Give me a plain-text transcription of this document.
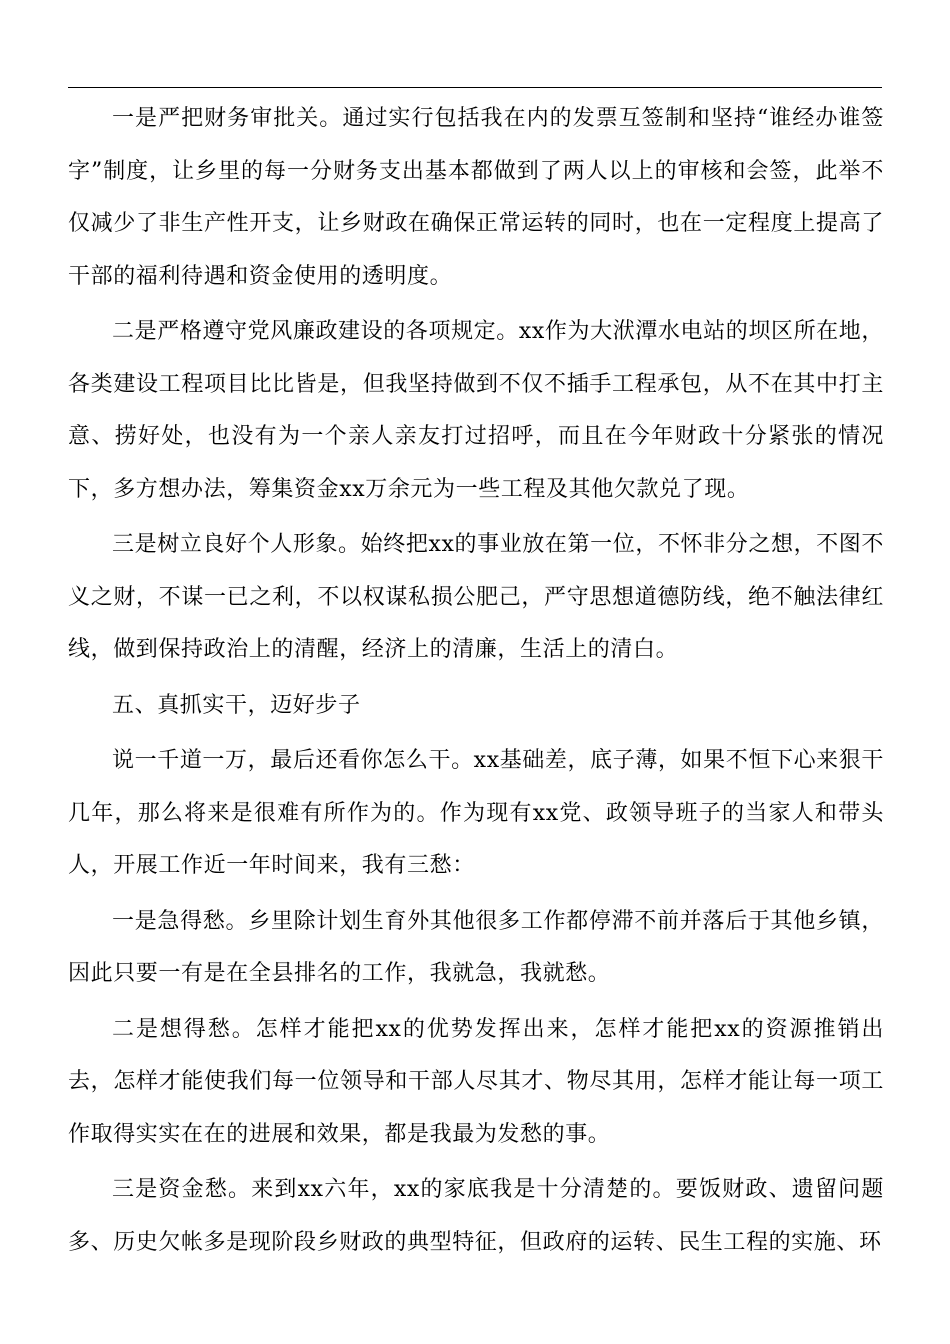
一是严把财务审批关。通过实行包括我在内的发票互签制和坚持“谁经办谁签字”制度，让乡里的每一分财务支出基本都做到了两人以上的审核和会签，此举不仅减少了非生产性开支，让乡财政在确保正常运转的同时，也在一定程度上提高了干部的福利待遇和资金使用的透明度。

二是严格遵守党风廉政建设的各项规定。xx作为大洑潭水电站的坝区所在地，各类建设工程项目比比皆是，但我坚持做到不仅不插手工程承包，从不在其中打主意、捞好处，也没有为一个亲人亲友打过招呼，而且在今年财政十分紧张的情况下，多方想办法，筹集资金xx万余元为一些工程及其他欠款兑了现。

三是树立良好个人形象。始终把xx的事业放在第一位，不怀非分之想，不图不义之财，不谋一已之利，不以权谋私损公肥己，严守思想道德防线，绝不触法律红线，做到保持政治上的清醒，经济上的清廉，生活上的清白。

五、真抓实干，迈好步子

说一千道一万，最后还看你怎么干。xx基础差，底子薄，如果不恒下心来狠干几年，那么将来是很难有所作为的。作为现有xx党、政领导班子的当家人和带头人，开展工作近一年时间来，我有三愁：

一是急得愁。乡里除计划生育外其他很多工作都停滞不前并落后于其他乡镇，因此只要一有是在全县排名的工作，我就急，我就愁。

二是想得愁。怎样才能把xx的优势发挥出来，怎样才能把xx的资源推销出去，怎样才能使我们每一位领导和干部人尽其才、物尽其用，怎样才能让每一项工作取得实实在在的进展和效果，都是我最为发愁的事。

三是资金愁。来到xx六年，xx的家底我是十分清楚的。要饭财政、遗留问题多、历史欠帐多是现阶段乡财政的典型特征，但政府的运转、民生工程的实施、环
